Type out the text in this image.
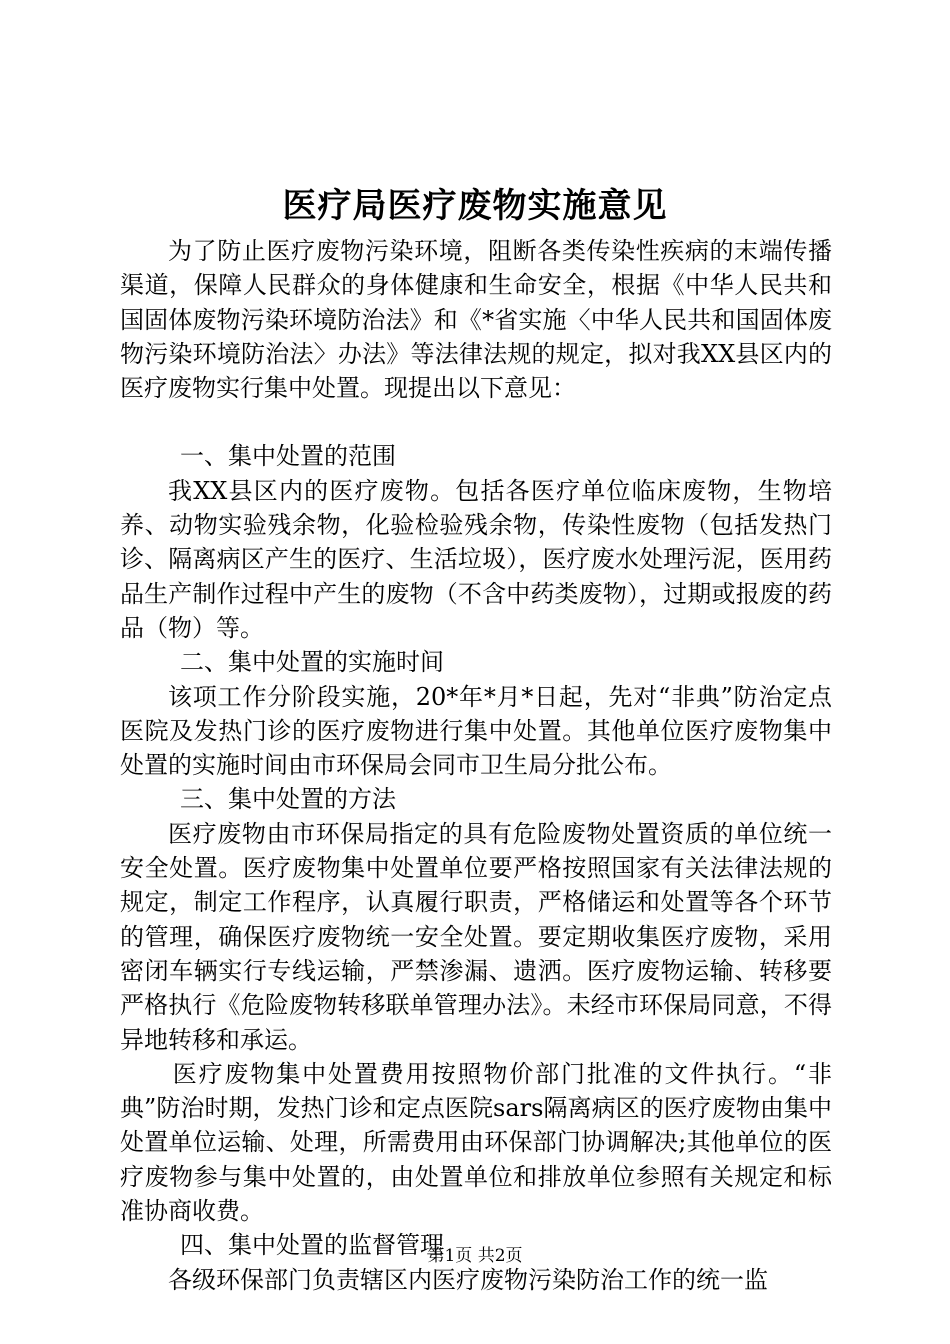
医疗局医疗废物实施意见

为了防止医疗废物污染环境，阻断各类传染性疾病的末端传播渠道，保障人民群众的身体健康和生命安全，根据《中华人民共和国固体废物污染环境防治法》和《*省实施〈中华人民共和国固体废物污染环境防治法〉办法》等法律法规的规定，拟对我XX县区内的医疗废物实行集中处置。现提出以下意见：

一、集中处置的范围

我XX县区内的医疗废物。包括各医疗单位临床废物，生物培养、动物实验残余物，化验检验残余物，传染性废物（包括发热门诊、隔离病区产生的医疗、生活垃圾），医疗废水处理污泥，医用药品生产制作过程中产生的废物（不含中药类废物），过期或报废的药品（物）等。

二、集中处置的实施时间

该项工作分阶段实施，20*年*月*日起，先对“非典”防治定点医院及发热门诊的医疗废物进行集中处置。其他单位医疗废物集中处置的实施时间由市环保局会同市卫生局分批公布。

三、集中处置的方法

医疗废物由市环保局指定的具有危险废物处置资质的单位统一安全处置。医疗废物集中处置单位要严格按照国家有关法律法规的规定，制定工作程序，认真履行职责，严格储运和处置等各个环节的管理，确保医疗废物统一安全处置。要定期收集医疗废物，采用密闭车辆实行专线运输，严禁渗漏、遗洒。医疗废物运输、转移要严格执行《危险废物转移联单管理办法》。未经市环保局同意，不得异地转移和承运。

医疗废物集中处置费用按照物价部门批准的文件执行。“非典”防治时期，发热门诊和定点医院sars隔离病区的医疗废物由集中处置单位运输、处理，所需费用由环保部门协调解决;其他单位的医疗废物参与集中处置的，由处置单位和排放单位参照有关规定和标准协商收费。

四、集中处置的监督管理

各级环保部门负责辖区内医疗废物污染防治工作的统一监

第1页 共2页
